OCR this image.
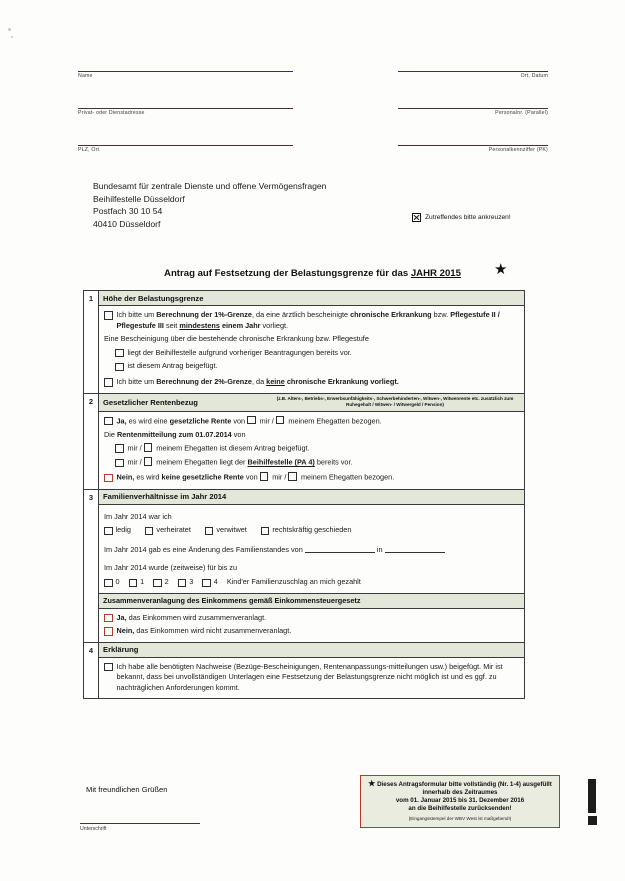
Name	Ort, Datum
Privat- oder Dienstadresse	Personalnr. (Parallel)
PLZ, Ort	Personalkennziffer (PK)
Bundesamt für zentrale Dienste und offene Vermögensfragen
Beihilfestelle Düsseldorf
Postfach 30 10 54
40410 Düsseldorf
Zutreffendes bitte ankreuzen!
Antrag auf Festsetzung der Belastungsgrenze für das JAHR 2015	★
1	Höhe der Belastungsgrenze
Ich bitte um Berechnung der 1%-Grenze, da eine ärztlich bescheinigte chronische Erkrankung bzw. Pflegestufe II / Pflegestufe III seit mindestens einem Jahr vorliegt.
Eine Bescheinigung über die bestehende chronische Erkrankung bzw. Pflegestufe
liegt der Beihilfestelle aufgrund vorheriger Beantragungen bereits vor.
ist diesem Antrag beigefügt.
Ich bitte um Berechnung der 2%-Grenze, da keine chronische Erkrankung vorliegt.
2	Gesetzlicher Rentenbezug	(z.B. Alters-, Betriebs-, Erwerbsunfähigkeits-, Schwerbehinderten-, Witwen-, Witwenrente etc. zusätzlich zum Ruhegehalt / Witwen- / Witwergeld / Pension)
Ja, es wird eine gesetzliche Rente von  mir /  meinem Ehegatten bezogen.
Die Rentenmitteilung zum 01.07.2014 von
mir /  meinem Ehegatten ist diesem Antrag beigefügt.
mir /  meinem Ehegatten liegt der Beihilfestelle (PA 4) bereits vor.
Nein, es wird keine gesetzliche Rente von  mir /  meinem Ehegatten bezogen.
3	Familienverhältnisse im Jahr 2014
Im Jahr 2014 war ich
ledig	verheiratet	verwitwet	rechtskräftig geschieden
Im Jahr 2014 gab es eine Änderung des Familienstandes von	in
Im Jahr 2014 wurde (zeitweise) für bis zu
0	1	2	3	4 Kind'er Familienzuschlag an mich gezahlt
Zusammenveranlagung des Einkommens gemäß Einkommensteuergesetz
Ja, das Einkommen wird zusammenveranlagt.
Nein, das Einkommen wird nicht zusammenveranlagt.
4	Erklärung
Ich habe alle benötigten Nachweise (Bezüge-Bescheinigungen, Rentenanpassungs-mitteilungen usw.) beigefügt. Mir ist bekannt, dass bei unvollständigen Unterlagen eine Festsetzung der Belastungsgrenze nicht möglich ist und es ggf. zu nachträglichen Anforderungen kommt.
Mit freundlichen Grüßen
Unterschrift
★ Dieses Antragsformular bitte vollständig (Nr. 1-4) ausgefüllt
innerhalb des Zeitraumes
vom 01. Januar 2015 bis 31. Dezember 2016
an die Beihilfestelle zurücksenden!
(Eingangsstempel der WBV West ist maßgebend!)
